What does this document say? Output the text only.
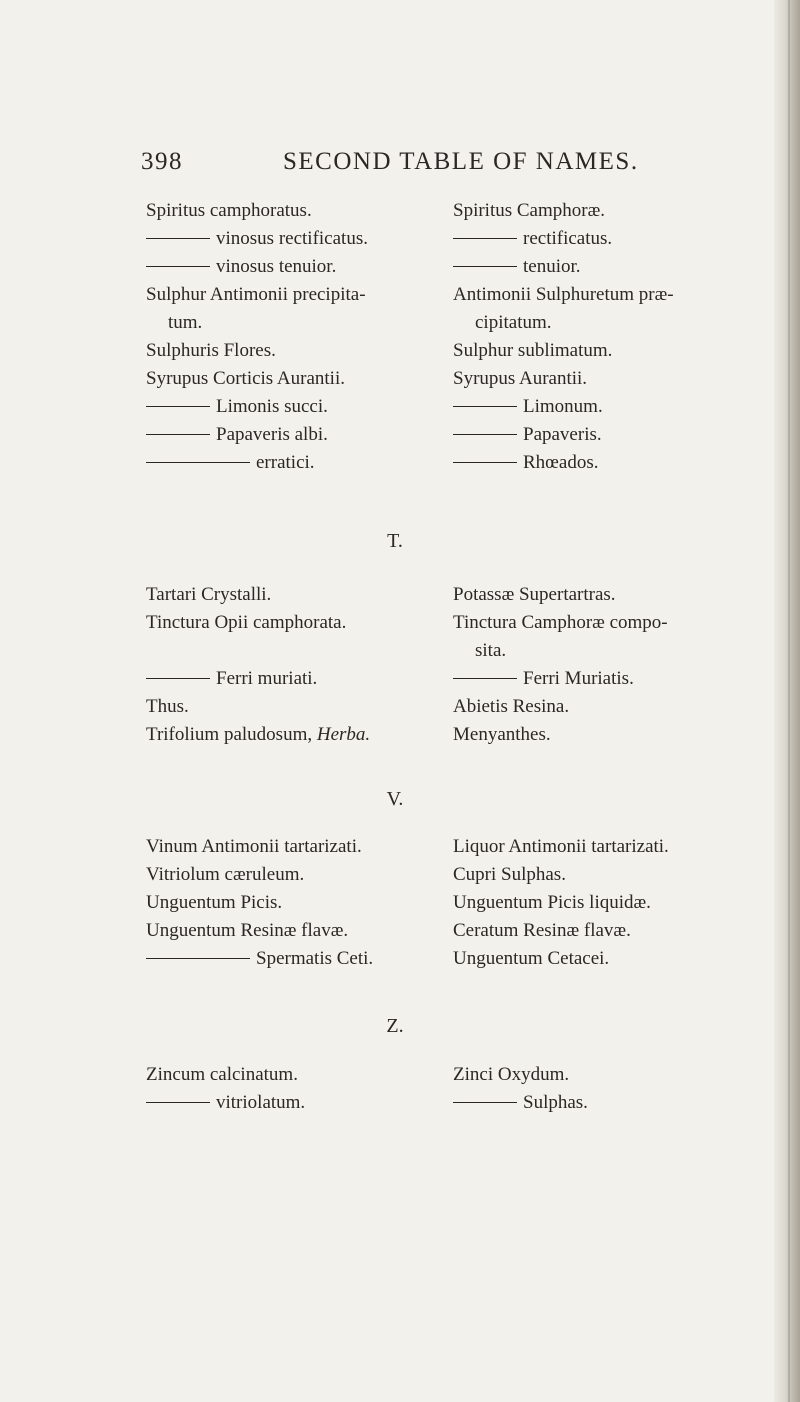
398	SECOND TABLE OF NAMES.
Spiritus camphoratus.
vinosus rectificatus.
vinosus tenuior.
Sulphur Antimonii precipita-
tum.
Sulphuris Flores.
Syrupus Corticis Aurantii.
Limonis succi.
Papaveris albi.
erratici.
Spiritus Camphoræ.
rectificatus.
tenuior.
Antimonii Sulphuretum præ-
cipitatum.
Sulphur sublimatum.
Syrupus Aurantii.
Limonum.
Papaveris.
Rhœados.
T.
Tartari Crystalli.
Tinctura Opii camphorata.
Ferri muriati.
Thus.
Trifolium paludosum, Herba.
Potassæ Supertartras.
Tinctura Camphoræ compo-
sita.
Ferri Muriatis.
Abietis Resina.
Menyanthes.
V.
Vinum Antimonii tartarizati.
Vitriolum cæruleum.
Unguentum Picis.
Unguentum Resinæ flavæ.
Spermatis Ceti.
Liquor Antimonii tartarizati.
Cupri Sulphas.
Unguentum Picis liquidæ.
Ceratum Resinæ flavæ.
Unguentum Cetacei.
Z.
Zincum calcinatum.
vitriolatum.
Zinci Oxydum.
Sulphas.
